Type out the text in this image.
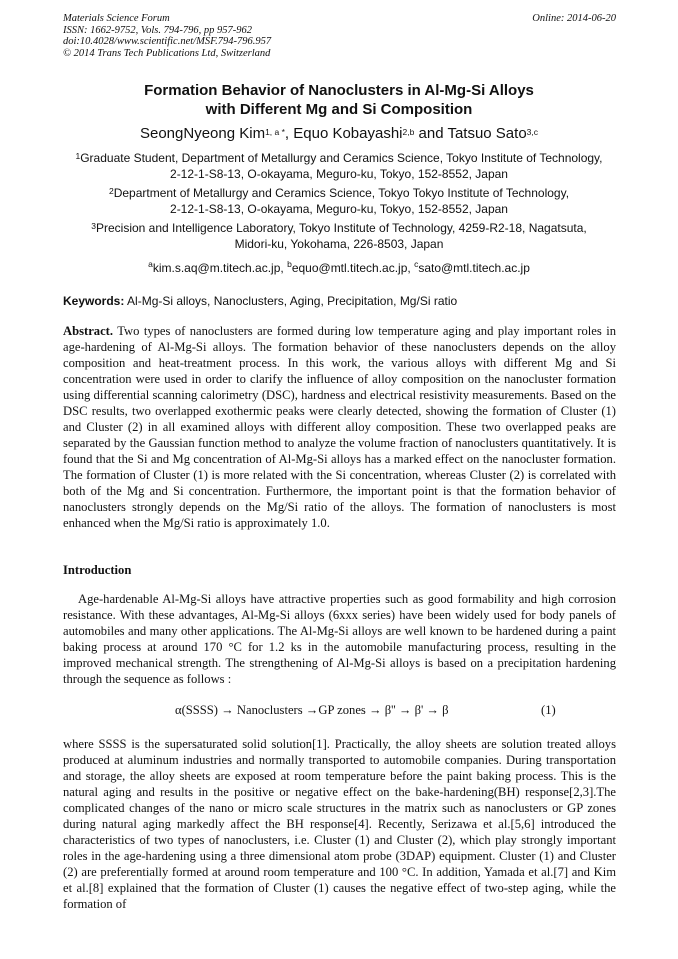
Materials Science Forum
ISSN: 1662-9752, Vols. 794-796, pp 957-962
doi:10.4028/www.scientific.net/MSF.794-796.957
© 2014 Trans Tech Publications Ltd, Switzerland
Online: 2014-06-20
Formation Behavior of Nanoclusters in Al-Mg-Si Alloys
with Different Mg and Si Composition
SeongNyeong Kim$^{1, a *}$, Equo Kobayashi$^{2,b}$ and Tatsuo Sato$^{3,c}$
$^1$Graduate Student, Department of Metallurgy and Ceramics Science, Tokyo Institute of Technology,
2-12-1-S8-13, O-okayama, Meguro-ku, Tokyo, 152-8552, Japan
$^2$Department of Metallurgy and Ceramics Science, Tokyo Tokyo Institute of Technology,
2-12-1-S8-13, O-okayama, Meguro-ku, Tokyo, 152-8552, Japan
$^3$Precision and Intelligence Laboratory, Tokyo Institute of Technology, 4259-R2-18, Nagatsuta,
Midori-ku, Yokohama, 226-8503, Japan
$^a$kim.s.aq@m.titech.ac.jp, $^b$equo@mtl.titech.ac.jp, $^c$sato@mtl.titech.ac.jp
Keywords: Al-Mg-Si alloys, Nanoclusters, Aging, Precipitation, Mg/Si ratio
Abstract. Two types of nanoclusters are formed during low temperature aging and play important roles in age-hardening of Al-Mg-Si alloys. The formation behavior of these nanoclusters depends on the alloy composition and heat-treatment process. In this work, the various alloys with different Mg and Si concentration were used in order to clarify the influence of alloy composition on the nanocluster formation using differential scanning calorimetry (DSC), hardness and electrical resistivity measurements. Based on the DSC results, two overlapped exothermic peaks were clearly detected, showing the formation of Cluster (1) and Cluster (2) in all examined alloys with different alloy composition. These two overlapped peaks are separated by the Gaussian function method to analyze the volume fraction of nanoclusters quantitatively. It is found that the Si and Mg concentration of Al-Mg-Si alloys has a marked effect on the nanocluster formation. The formation of Cluster (1) is more related with the Si concentration, whereas Cluster (2) is correlated with both of the Mg and Si concentration. Furthermore, the important point is that the formation behavior of nanoclusters strongly depends on the Mg/Si ratio of the alloys. The formation of nanoclusters is most enhanced when the Mg/Si ratio is approximately 1.0.
Introduction
Age-hardenable Al-Mg-Si alloys have attractive properties such as good formability and high corrosion resistance. With these advantages, Al-Mg-Si alloys (6xxx series) have been widely used for body panels of automobiles and many other applications. The Al-Mg-Si alloys are well known to be hardened during a paint baking process at around 170 °C for 1.2 ks in the automobile manufacturing process, resulting in the improved mechanical strength. The strengthening of Al-Mg-Si alloys is based on a precipitation hardening through the sequence as follows :
α(SSSS) → Nanoclusters →GP zones → β'' → β' → β	(1)
where SSSS is the supersaturated solid solution[1]. Practically, the alloy sheets are solution treated alloys produced at aluminum industries and normally transported to automobile companies. During transportation and storage, the alloy sheets are exposed at room temperature before the paint baking process. This is the natural aging and results in the positive or negative effect on the bake-hardening(BH) response[2,3].The complicated changes of the nano or micro scale structures in the matrix such as nanoclusters or GP zones during natural aging markedly affect the BH response[4]. Recently, Serizawa et al.[5,6] introduced the characteristics of two types of nanoclusters, i.e. Cluster (1) and Cluster (2), which play strongly important roles in the age-hardening using a three dimensional atom probe (3DAP) equipment. Cluster (1) and Cluster (2) are preferentially formed at around room temperature and 100 °C. In addition, Yamada et al.[7] and Kim et al.[8] explained that the formation of Cluster (1) causes the negative effect of two-step aging, while the formation of
